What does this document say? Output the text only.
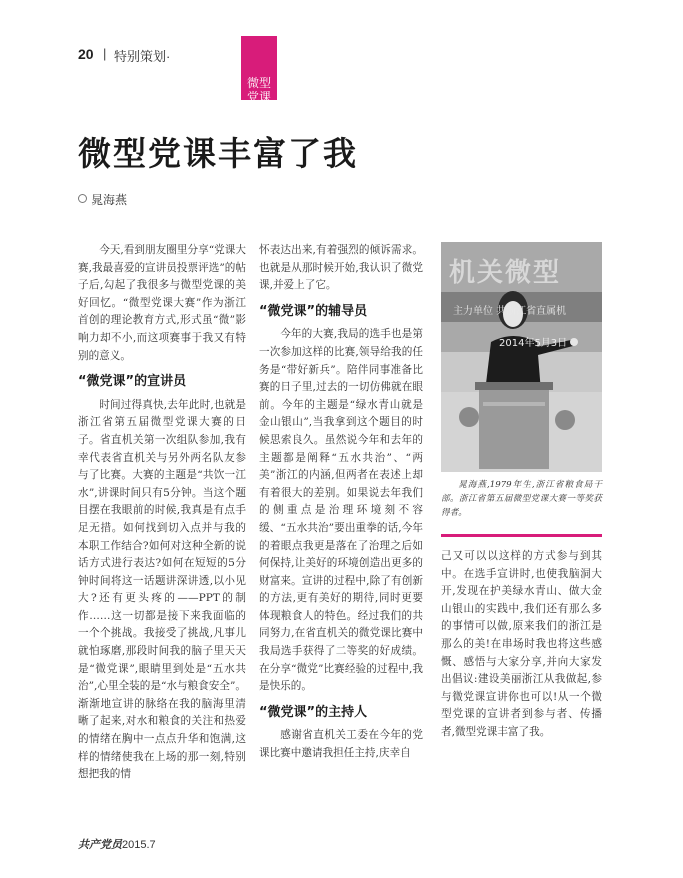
20 | 特别策划·
微型
党课
微型党课丰富了我
晁海燕

今天,看到朋友圈里分享“党课大赛,我最喜爱的宣讲员投票评选”的帖子后,勾起了我很多与微型党课的美好回忆。“微型党课大赛”作为浙江首创的理论教育方式,形式虽“微”影响力却不小,而这项赛事于我又有特别的意义。

“微党课”的宣讲员

时间过得真快,去年此时,也就是浙江省第五届微型党课大赛的日子。省直机关第一次组队参加,我有幸代表省直机关与另外两名队友参与了比赛。大赛的主题是“共饮一江水”,讲课时间只有5分钟。当这个题目摆在我眼前的时候,我真是有点手足无措。如何找到切入点并与我的本职工作结合?如何对这种全新的说话方式进行表达?如何在短短的5分钟时间将这一话题讲深讲透,以小见大?还有更头疼的——PPT的制作……这一切都是接下来我面临的一个个挑战。我接受了挑战,凡事儿就怕琢磨,那段时间我的脑子里天天是“微党课”,眼睛里到处是“五水共治”,心里全装的是“水与粮食安全”。渐渐地宣讲的脉络在我的脑海里清晰了起来,对水和粮食的关注和热爱的情绪在胸中一点点升华和饱满,这样的情绪使我在上场的那一刻,特别想把我的情

怀表达出来,有着强烈的倾诉需求。也就是从那时候开始,我认识了微党课,并爱上了它。

“微党课”的辅导员

今年的大赛,我局的选手也是第一次参加这样的比赛,领导给我的任务是“带好新兵”。陪伴同事准备比赛的日子里,过去的一切仿佛就在眼前。今年的主题是“绿水青山就是金山银山”,当我拿到这个题目的时候思索良久。虽然说今年和去年的主题都是阐释“五水共治”、“两美”浙江的内涵,但两者在表述上却有着很大的差别。如果说去年我们的侧重点是治理环境刻不容缓、“五水共治”要出重拳的话,今年的着眼点我更是落在了治理之后如何保持,让美好的环境创造出更多的财富来。宣讲的过程中,除了有创新的方法,更有美好的期待,同时更要体现粮食人的特色。经过我们的共同努力,在省直机关的微党课比赛中我局选手获得了二等奖的好成绩。在分享“微党”比赛经验的过程中,我是快乐的。

“微党课”的主持人

感谢省直机关工委在今年的党课比赛中邀请我担任主持,庆幸自

机关微型
主力单位 共浙江省直属机
2014年5月3日
晁海燕,1979年生,浙江省粮食局干部。浙江省第五届微型党课大赛一等奖获得者。

己又可以以这样的方式参与到其中。在选手宣讲时,也使我脑洞大开,发现在护美绿水青山、做大金山银山的实践中,我们还有那么多的事情可以做,原来我们的浙江是那么的美!在串场时我也将这些感慨、感悟与大家分享,并向大家发出倡议:建设美丽浙江从我做起,参与微党课宣讲你也可以!从一个微型党课的宣讲者到参与者、传播者,微型党课丰富了我。

共产党员2015.7
